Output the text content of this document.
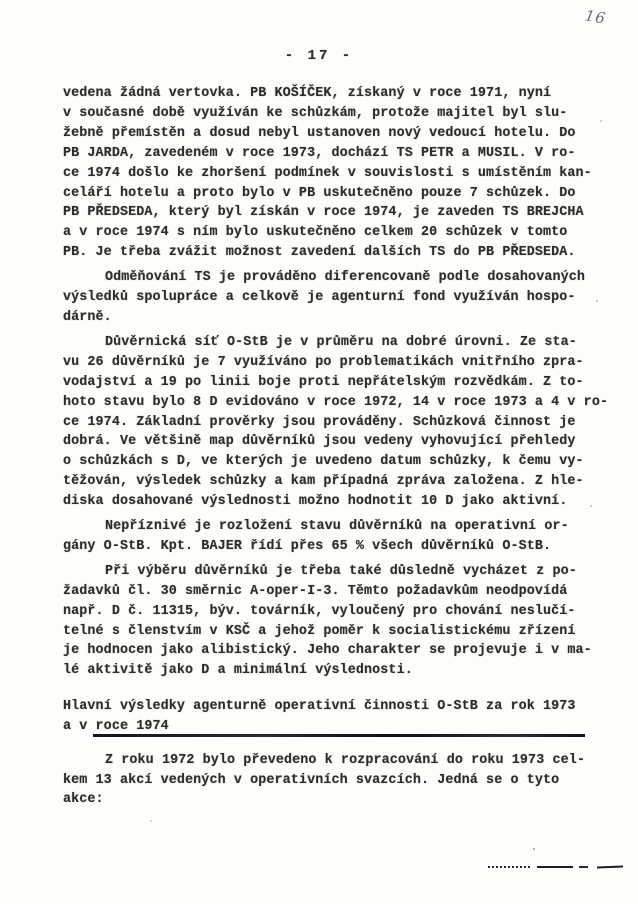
16
- 17 -
vedena žádná vertovka. PB KOŠÍČEK, získaný v roce 1971, nyní
v současné době využíván ke schůzkám, protože majitel byl slu-
žebně přemístěn a dosud nebyl ustanoven nový vedoucí hotelu. Do
PB JARDA, zavedeném v roce 1973, dochází TS PETR a MUSIL. V ro-
ce 1974 došlo ke zhoršení podmínek v souvislosti s umístěním kan-
celáří hotelu a proto bylo v PB uskutečněno pouze 7 schůzek. Do
PB PŘEDSEDA, který byl získán v roce 1974, je zaveden TS BREJCHA
a v roce 1974 s ním bylo uskutečněno celkem 20 schůzek v tomto
PB. Je třeba zvážit možnost zavedení dalších TS do PB PŘEDSEDA.
Odměňování TS je prováděno diferencovaně podle dosahovaných
výsledků spolupráce a celkově je agenturní fond využíván hospo-
dárně.
Důvěrnická síť O-StB je v průměru na dobré úrovni. Ze sta-
vu 26 důvěrníků je 7 využíváno po problematikách vnitřního zpra-
vodajství a 19 po linii boje proti nepřátelským rozvědkám. Z to-
hoto stavu bylo 8 D evidováno v roce 1972, 14 v roce 1973 a 4 v ro-
ce 1974. Základní prověrky jsou prováděny. Schůzková činnost je
dobrá. Ve většině map důvěrníků jsou vedeny vyhovující přehledy
o schůzkách s D, ve kterých je uvedeno datum schůzky, k čemu vy-
těžován, výsledek schůzky a kam případná zpráva založena. Z hle-
diska dosahované výslednosti možno hodnotit 10 D jako aktivní.
Nepříznivé je rozložení stavu důvěrníků na operativní or-
gány O-StB. Kpt. BAJER řídí přes 65 % všech důvěrníků O-StB.
Při výběru důvěrníků je třeba také důsledně vycházet z po-
žadavků čl. 30 směrnic A-oper-I-3. Těmto požadavkům neodpovídá
např. D č. 11315, býv. továrník, vyloučený pro chování neslučí-
telné s členstvím v KSČ a jehož poměr k socialistickému zřízení
je hodnocen jako alibistický. Jeho charakter se projevuje i v ma-
lé aktivitě jako D a minimální výslednosti.
Hlavní výsledky agenturně operativní činnosti O-StB za rok 1973
a v roce 1974
Z roku 1972 bylo převedeno k rozpracování do roku 1973 cel-
kem 13 akcí vedených v operativních svazcích. Jedná se o tyto
akce:
